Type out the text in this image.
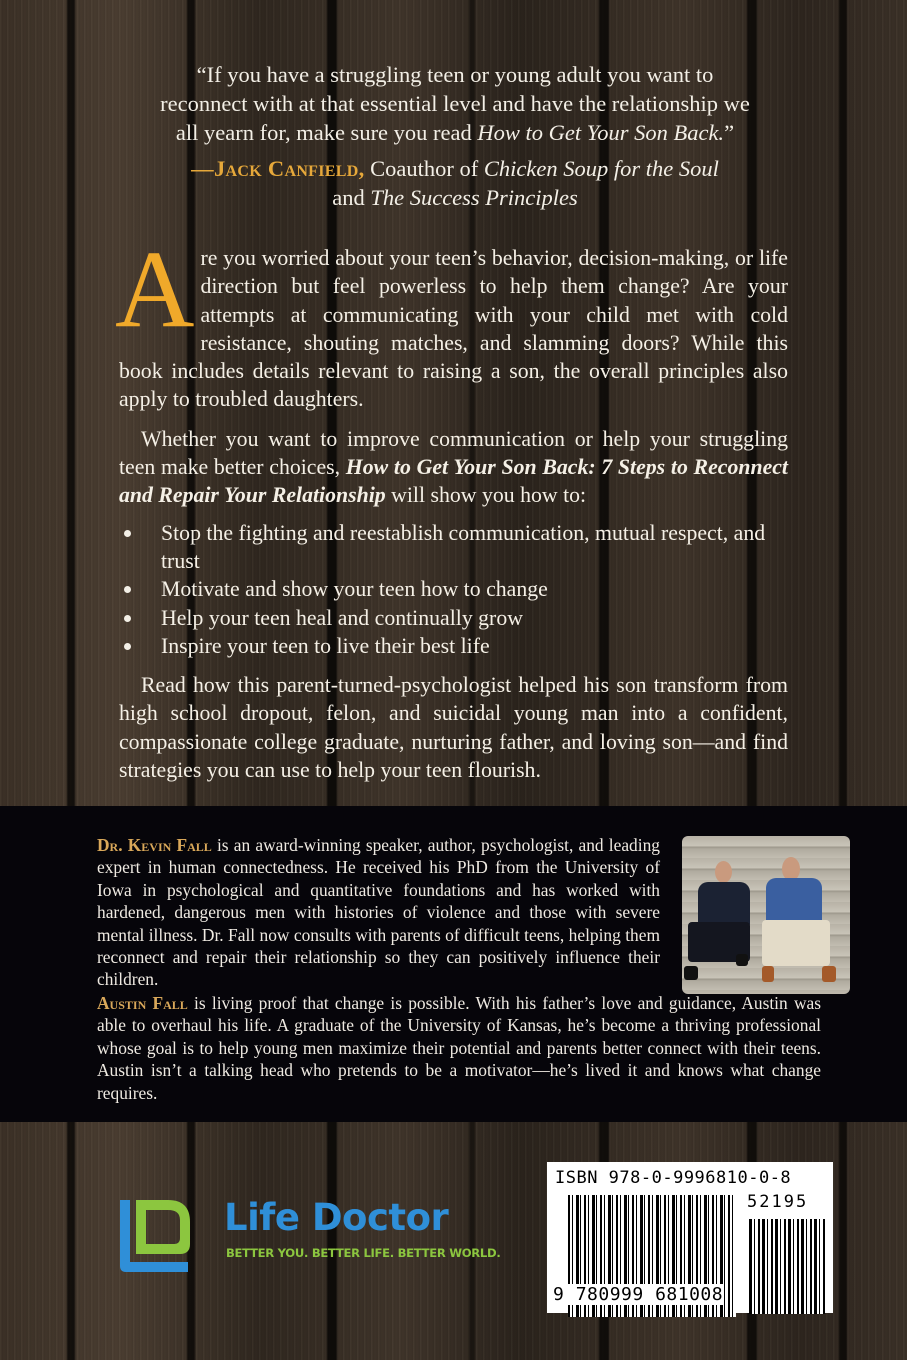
“If you have a struggling teen or young adult you want to
reconnect with at that essential level and have the relationship we
all yearn for, make sure you read How to Get Your Son Back.”
—Jack Canfield, Coauthor of Chicken Soup for the Soul
and The Success Principles

Are you worried about your teen’s behavior, decision-making, or life direction but feel powerless to help them change? Are your attempts at communicating with your child met with cold resistance, shouting matches, and slamming doors? While this book includes details relevant to raising a son, the overall principles also apply to troubled daughters.

Whether you want to improve communication or help your struggling teen make better choices, How to Get Your Son Back: 7 Steps to Reconnect and Repair Your Relationship will show you how to:

Stop the fighting and reestablish communication, mutual respect, and trust
Motivate and show your teen how to change
Help your teen heal and continually grow
Inspire your teen to live their best life

Read how this parent-turned-psychologist helped his son transform from high school dropout, felon, and suicidal young man into a confident, compassionate college graduate, nurturing father, and loving son—and find strategies you can use to help your teen flourish.

Dr. Kevin Fall is an award-winning speaker, author, psychologist, and leading expert in human connectedness. He received his PhD from the University of Iowa in psychological and quantitative foundations and has worked with hardened, dangerous men with histories of violence and those with severe mental illness. Dr. Fall now consults with parents of difficult teens, helping them reconnect and repair their relationship so they can positively influence their children.
Austin Fall is living proof that change is possible. With his father’s love and guidance, Austin was able to overhaul his life. A graduate of the University of Kansas, he’s become a thriving professional whose goal is to help young men maximize their potential and parents better connect with their teens. Austin isn’t a talking head who pretends to be a motivator—he’s lived it and knows what change requires.
Life Doctor
BETTER YOU. BETTER LIFE. BETTER WORLD.
ISBN 978-0-9996810-0-8
52195
9 780999 681008
